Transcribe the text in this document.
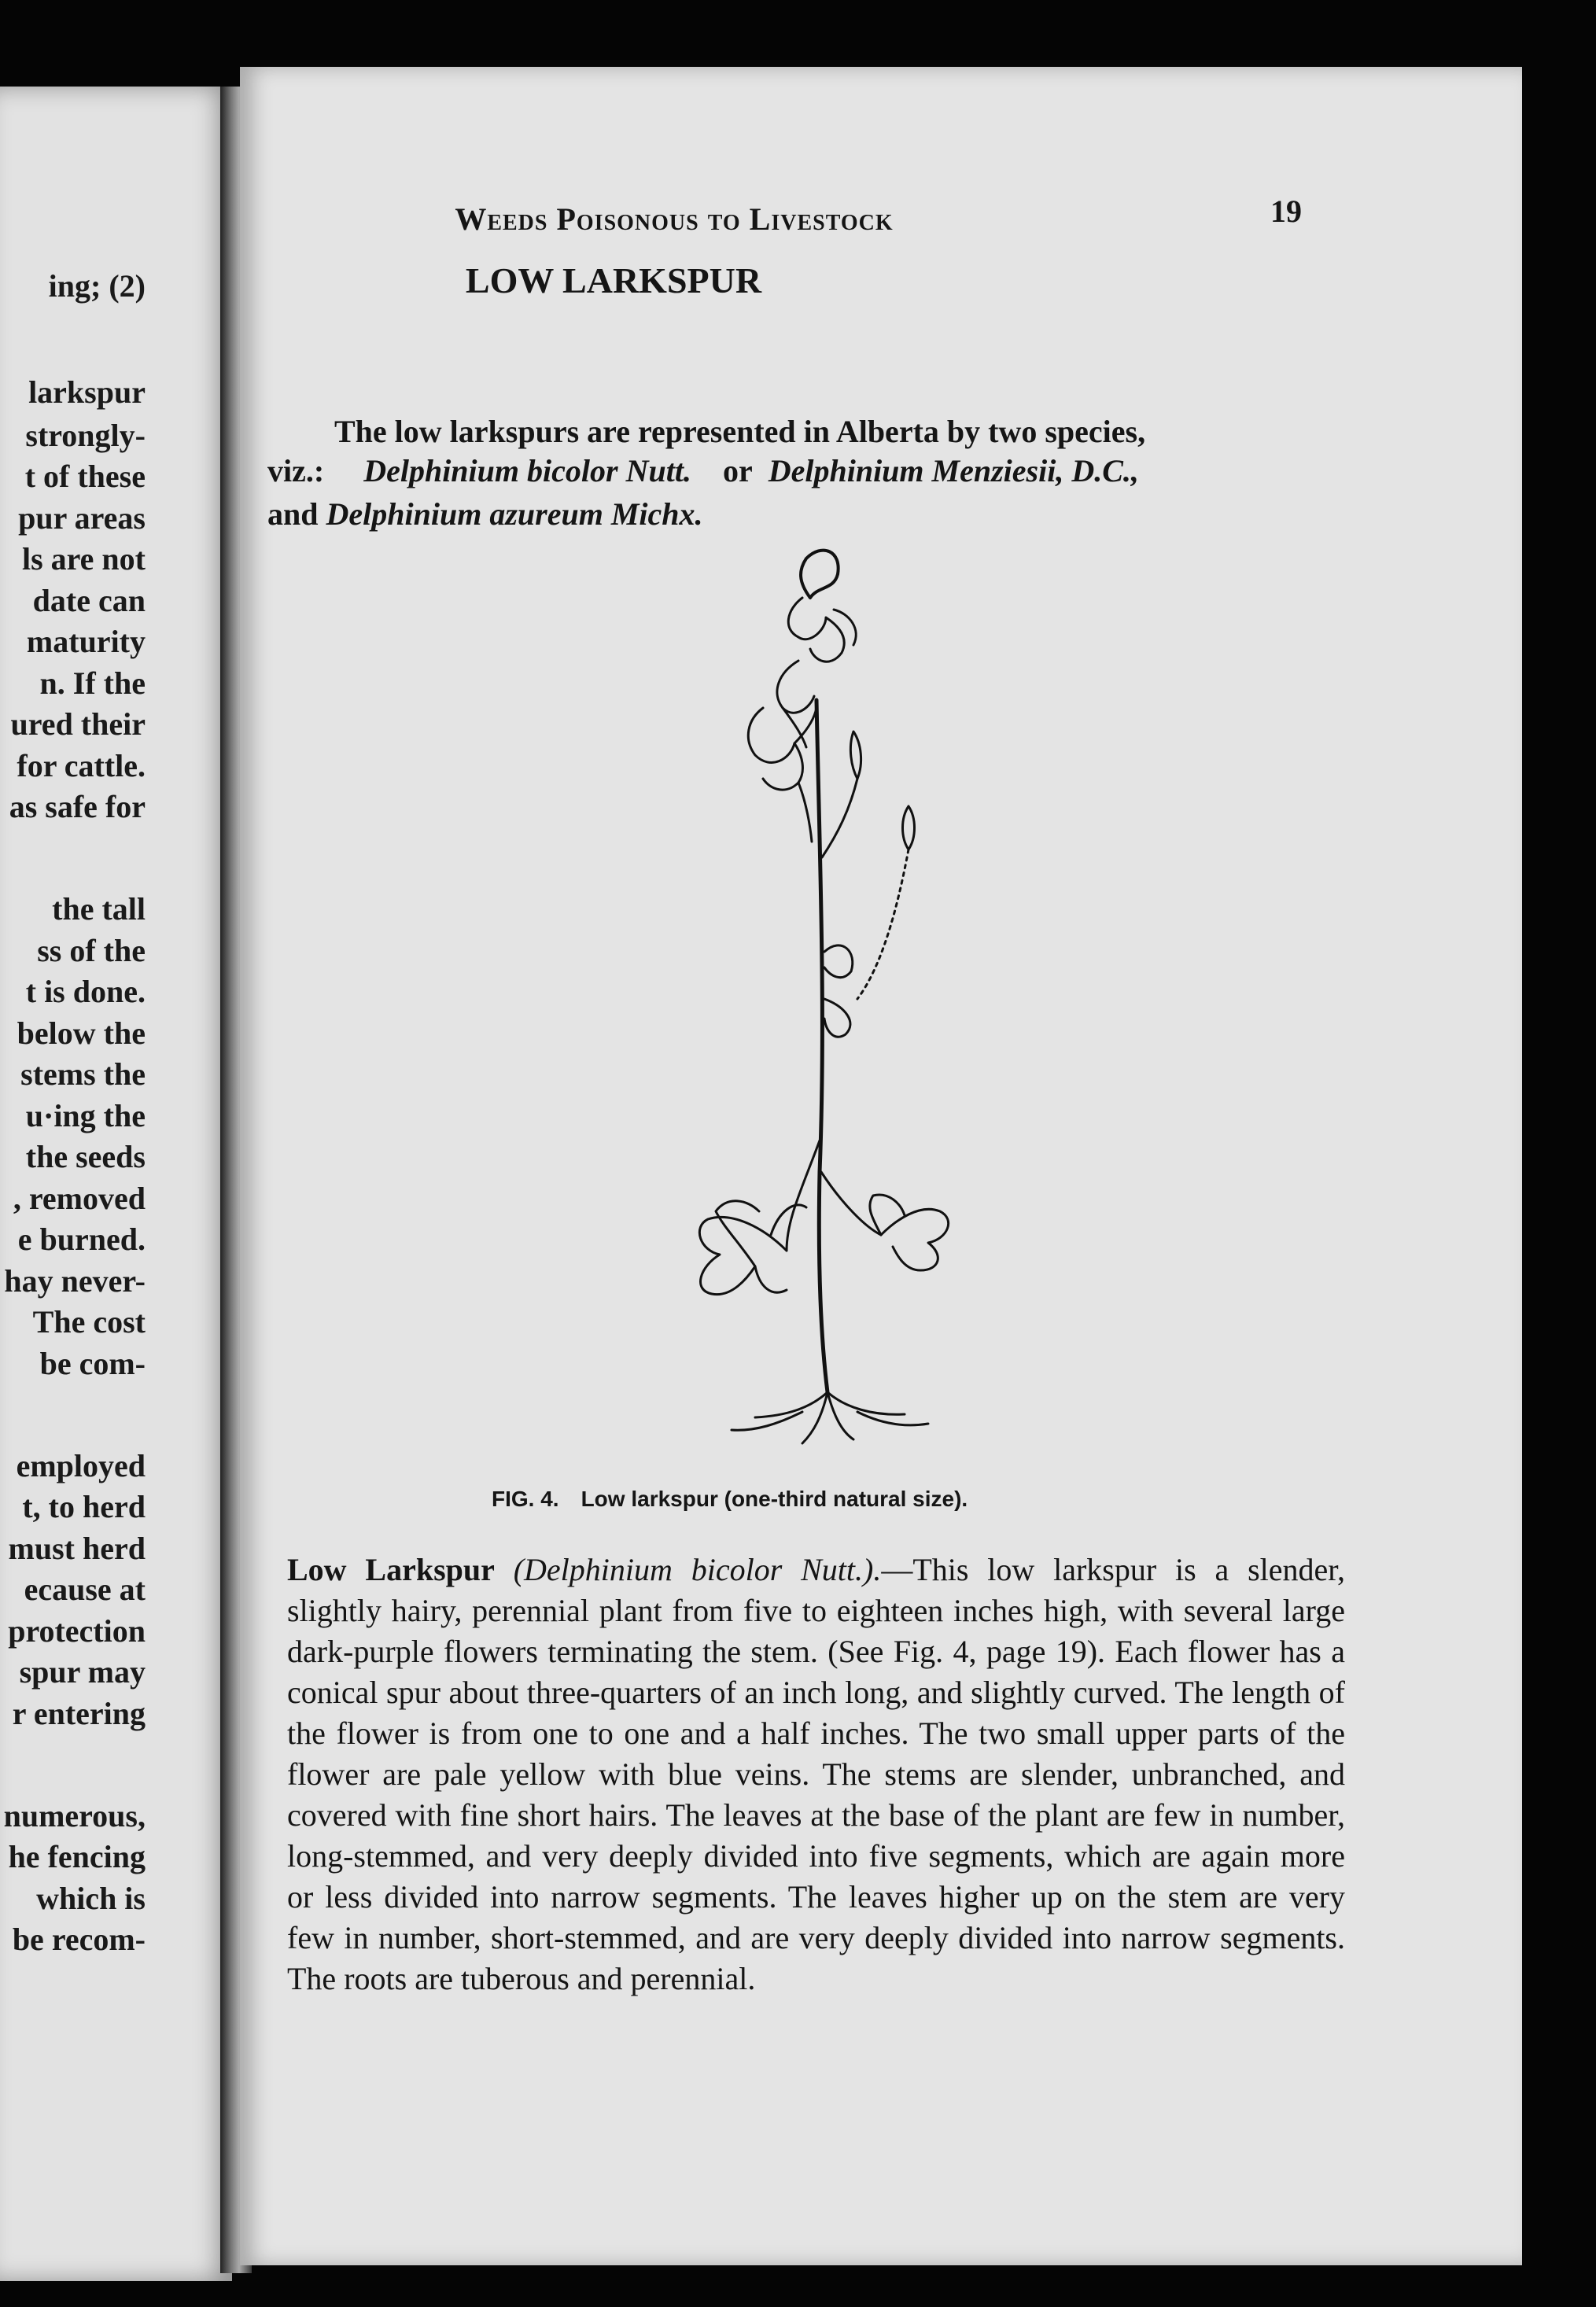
ing; (2)
larkspur
strongly-
t of these
pur areas
ls are not
date can
maturity
n. If the
ured their
for cattle.
as safe for
the tall
ss of the
t is done.
below the
stems the
u·ing the
the seeds
, removed
e burned.
hay never-
The cost
be com-
employed
t, to herd
must herd
ecause at
protection
spur may
r entering
numerous,
he fencing
which is
be recom-
Weeds Poisonous to Livestock	19
LOW LARKSPUR
The low larkspurs are represented in Alberta by two species,
viz.: Delphinium bicolor Nutt. or Delphinium Menziesii, D.C.,
and Delphinium azureum Michx.
FIG. 4. Low larkspur (one-third natural size).
Low Larkspur (Delphinium bicolor Nutt.).—This low larkspur is a slender, slightly hairy, perennial plant from five to eighteen inches high, with several large dark-purple flowers terminating the stem. (See Fig. 4, page 19). Each flower has a conical spur about three-quarters of an inch long, and slightly curved. The length of the flower is from one to one and a half inches. The two small upper parts of the flower are pale yellow with blue veins. The stems are slender, unbranched, and covered with fine short hairs. The leaves at the base of the plant are few in number, long-stemmed, and very deeply divided into five segments, which are again more or less divided into narrow segments. The leaves higher up on the stem are very few in number, short-stemmed, and are very deeply divided into narrow segments. The roots are tuberous and perennial.
